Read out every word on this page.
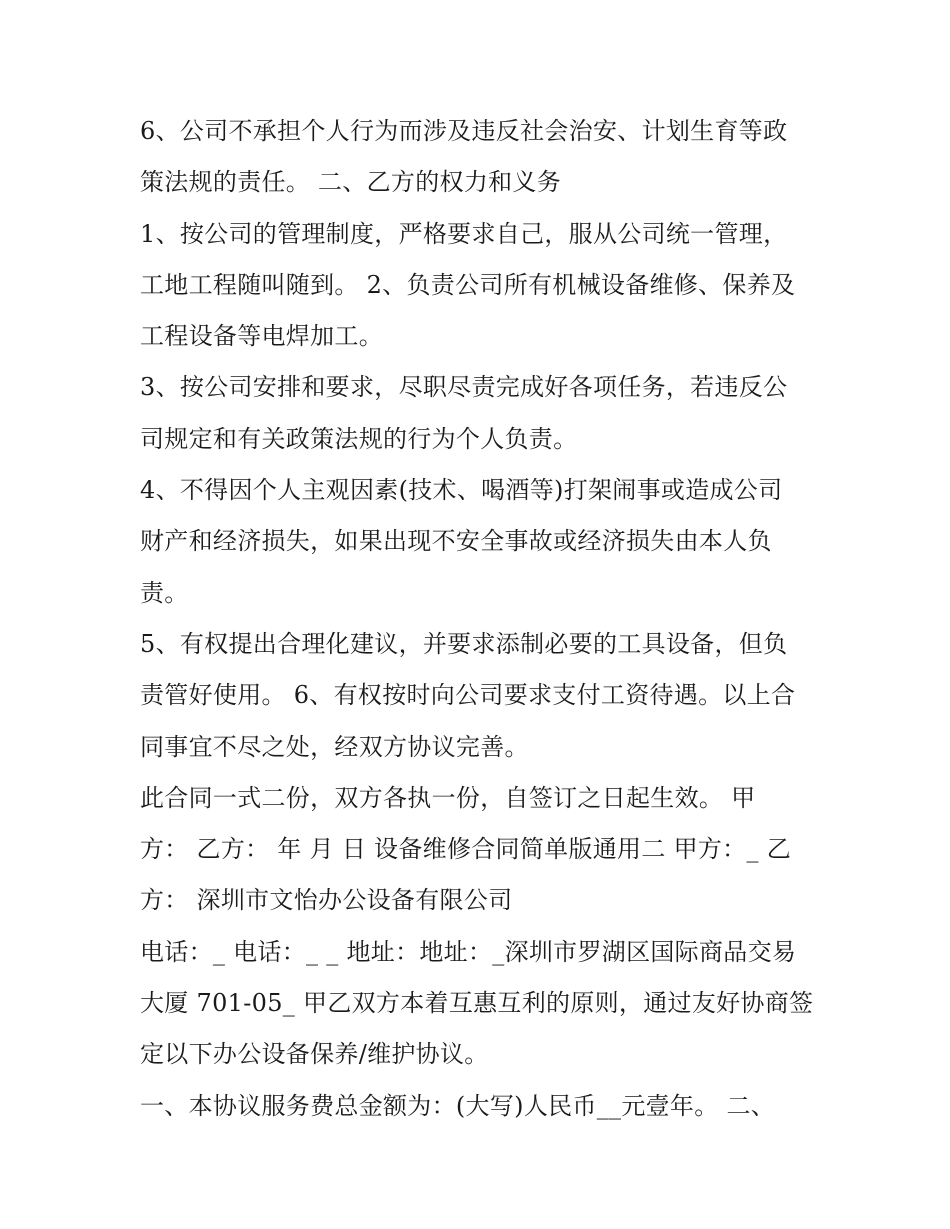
6、公司不承担个人行为而涉及违反社会治安、计划生育等政
策法规的责任。 二、乙方的权力和义务
1、按公司的管理制度，严格要求自己，服从公司统一管理，
工地工程随叫随到。 2、负责公司所有机械设备维修、保养及
工程设备等电焊加工。
3、按公司安排和要求，尽职尽责完成好各项任务，若违反公
司规定和有关政策法规的行为个人负责。
4、不得因个人主观因素(技术、喝酒等)打架闹事或造成公司
财产和经济损失，如果出现不安全事故或经济损失由本人负
责。
5、有权提出合理化建议，并要求添制必要的工具设备，但负
责管好使用。 6、有权按时向公司要求支付工资待遇。以上合
同事宜不尽之处，经双方协议完善。
此合同一式二份，双方各执一份，自签订之日起生效。 甲
方： 乙方： 年 月 日 设备维修合同简单版通用二 甲方：_ 乙
方： 深圳市文怡办公设备有限公司
电话：_ 电话：_ _ 地址：地址：_深圳市罗湖区国际商品交易
大厦 701-05_ 甲乙双方本着互惠互利的原则，通过友好协商签
定以下办公设备保养/维护协议。
一、本协议服务费总金额为：(大写)人民币__元壹年。 二、
